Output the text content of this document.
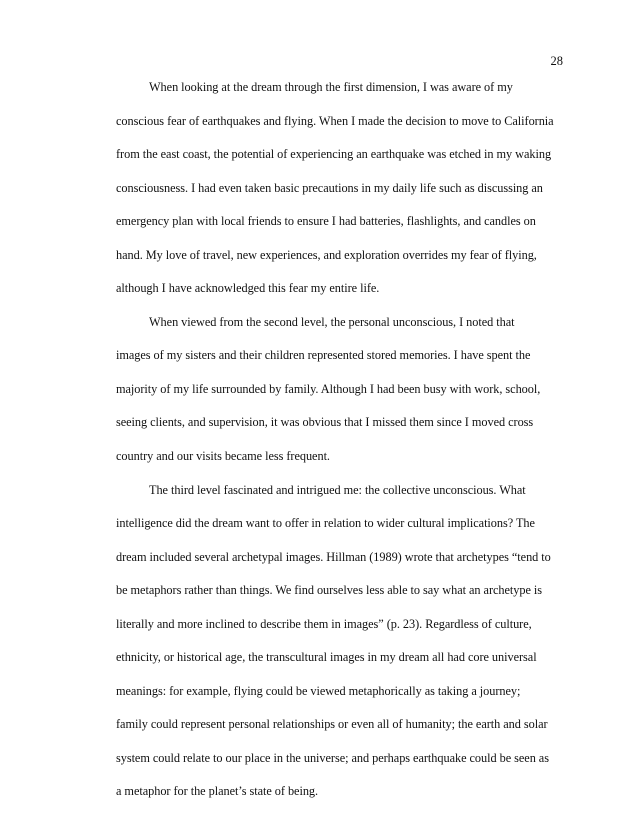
28
When looking at the dream through the first dimension, I was aware of my
conscious fear of earthquakes and flying. When I made the decision to move to California
from the east coast, the potential of experiencing an earthquake was etched in my waking
consciousness. I had even taken basic precautions in my daily life such as discussing an
emergency plan with local friends to ensure I had batteries, flashlights, and candles on
hand. My love of travel, new experiences, and exploration overrides my fear of flying,
although I have acknowledged this fear my entire life.
When viewed from the second level, the personal unconscious, I noted that
images of my sisters and their children represented stored memories. I have spent the
majority of my life surrounded by family. Although I had been busy with work, school,
seeing clients, and supervision, it was obvious that I missed them since I moved cross
country and our visits became less frequent.
The third level fascinated and intrigued me: the collective unconscious. What
intelligence did the dream want to offer in relation to wider cultural implications? The
dream included several archetypal images. Hillman (1989) wrote that archetypes “tend to
be metaphors rather than things. We find ourselves less able to say what an archetype is
literally and more inclined to describe them in images” (p. 23). Regardless of culture,
ethnicity, or historical age, the transcultural images in my dream all had core universal
meanings: for example, flying could be viewed metaphorically as taking a journey;
family could represent personal relationships or even all of humanity; the earth and solar
system could relate to our place in the universe; and perhaps earthquake could be seen as
a metaphor for the planet’s state of being.
